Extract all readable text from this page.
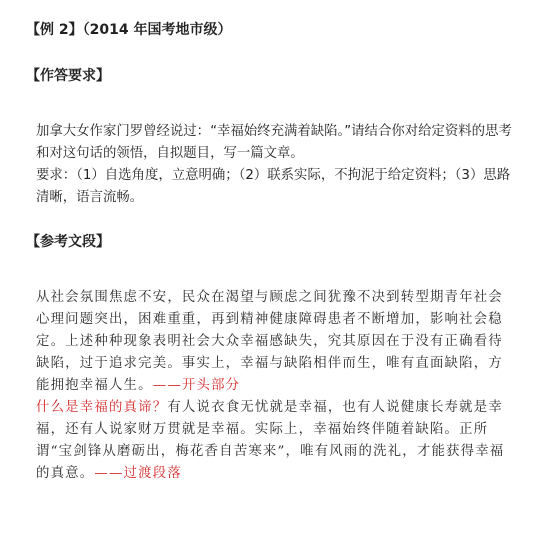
【例 2】（2014 年国考地市级）
【作答要求】

加拿大女作家门罗曾经说过：“幸福始终充满着缺陷。”请结合你对给定资料的思考和对这句话的领悟，自拟题目，写一篇文章。

要求：（1）自选角度，立意明确；（2）联系实际，不拘泥于给定资料；（3）思路清晰，语言流畅。

【参考文段】

从社会氛围焦虑不安，民众在渴望与顾虑之间犹豫不决到转型期青年社会心理问题突出，困难重重，再到精神健康障碍患者不断增加，影响社会稳定。上述种种现象表明社会大众幸福感缺失，究其原因在于没有正确看待缺陷，过于追求完美。事实上，幸福与缺陷相伴而生，唯有直面缺陷，方能拥抱幸福人生。——开头部分

什么是幸福的真谛？有人说衣食无忧就是幸福，也有人说健康长寿就是幸福，还有人说家财万贯就是幸福。实际上，幸福始终伴随着缺陷。正所谓“宝剑锋从磨砺出，梅花香自苦寒来”，唯有风雨的洗礼，才能获得幸福的真意。——过渡段落
